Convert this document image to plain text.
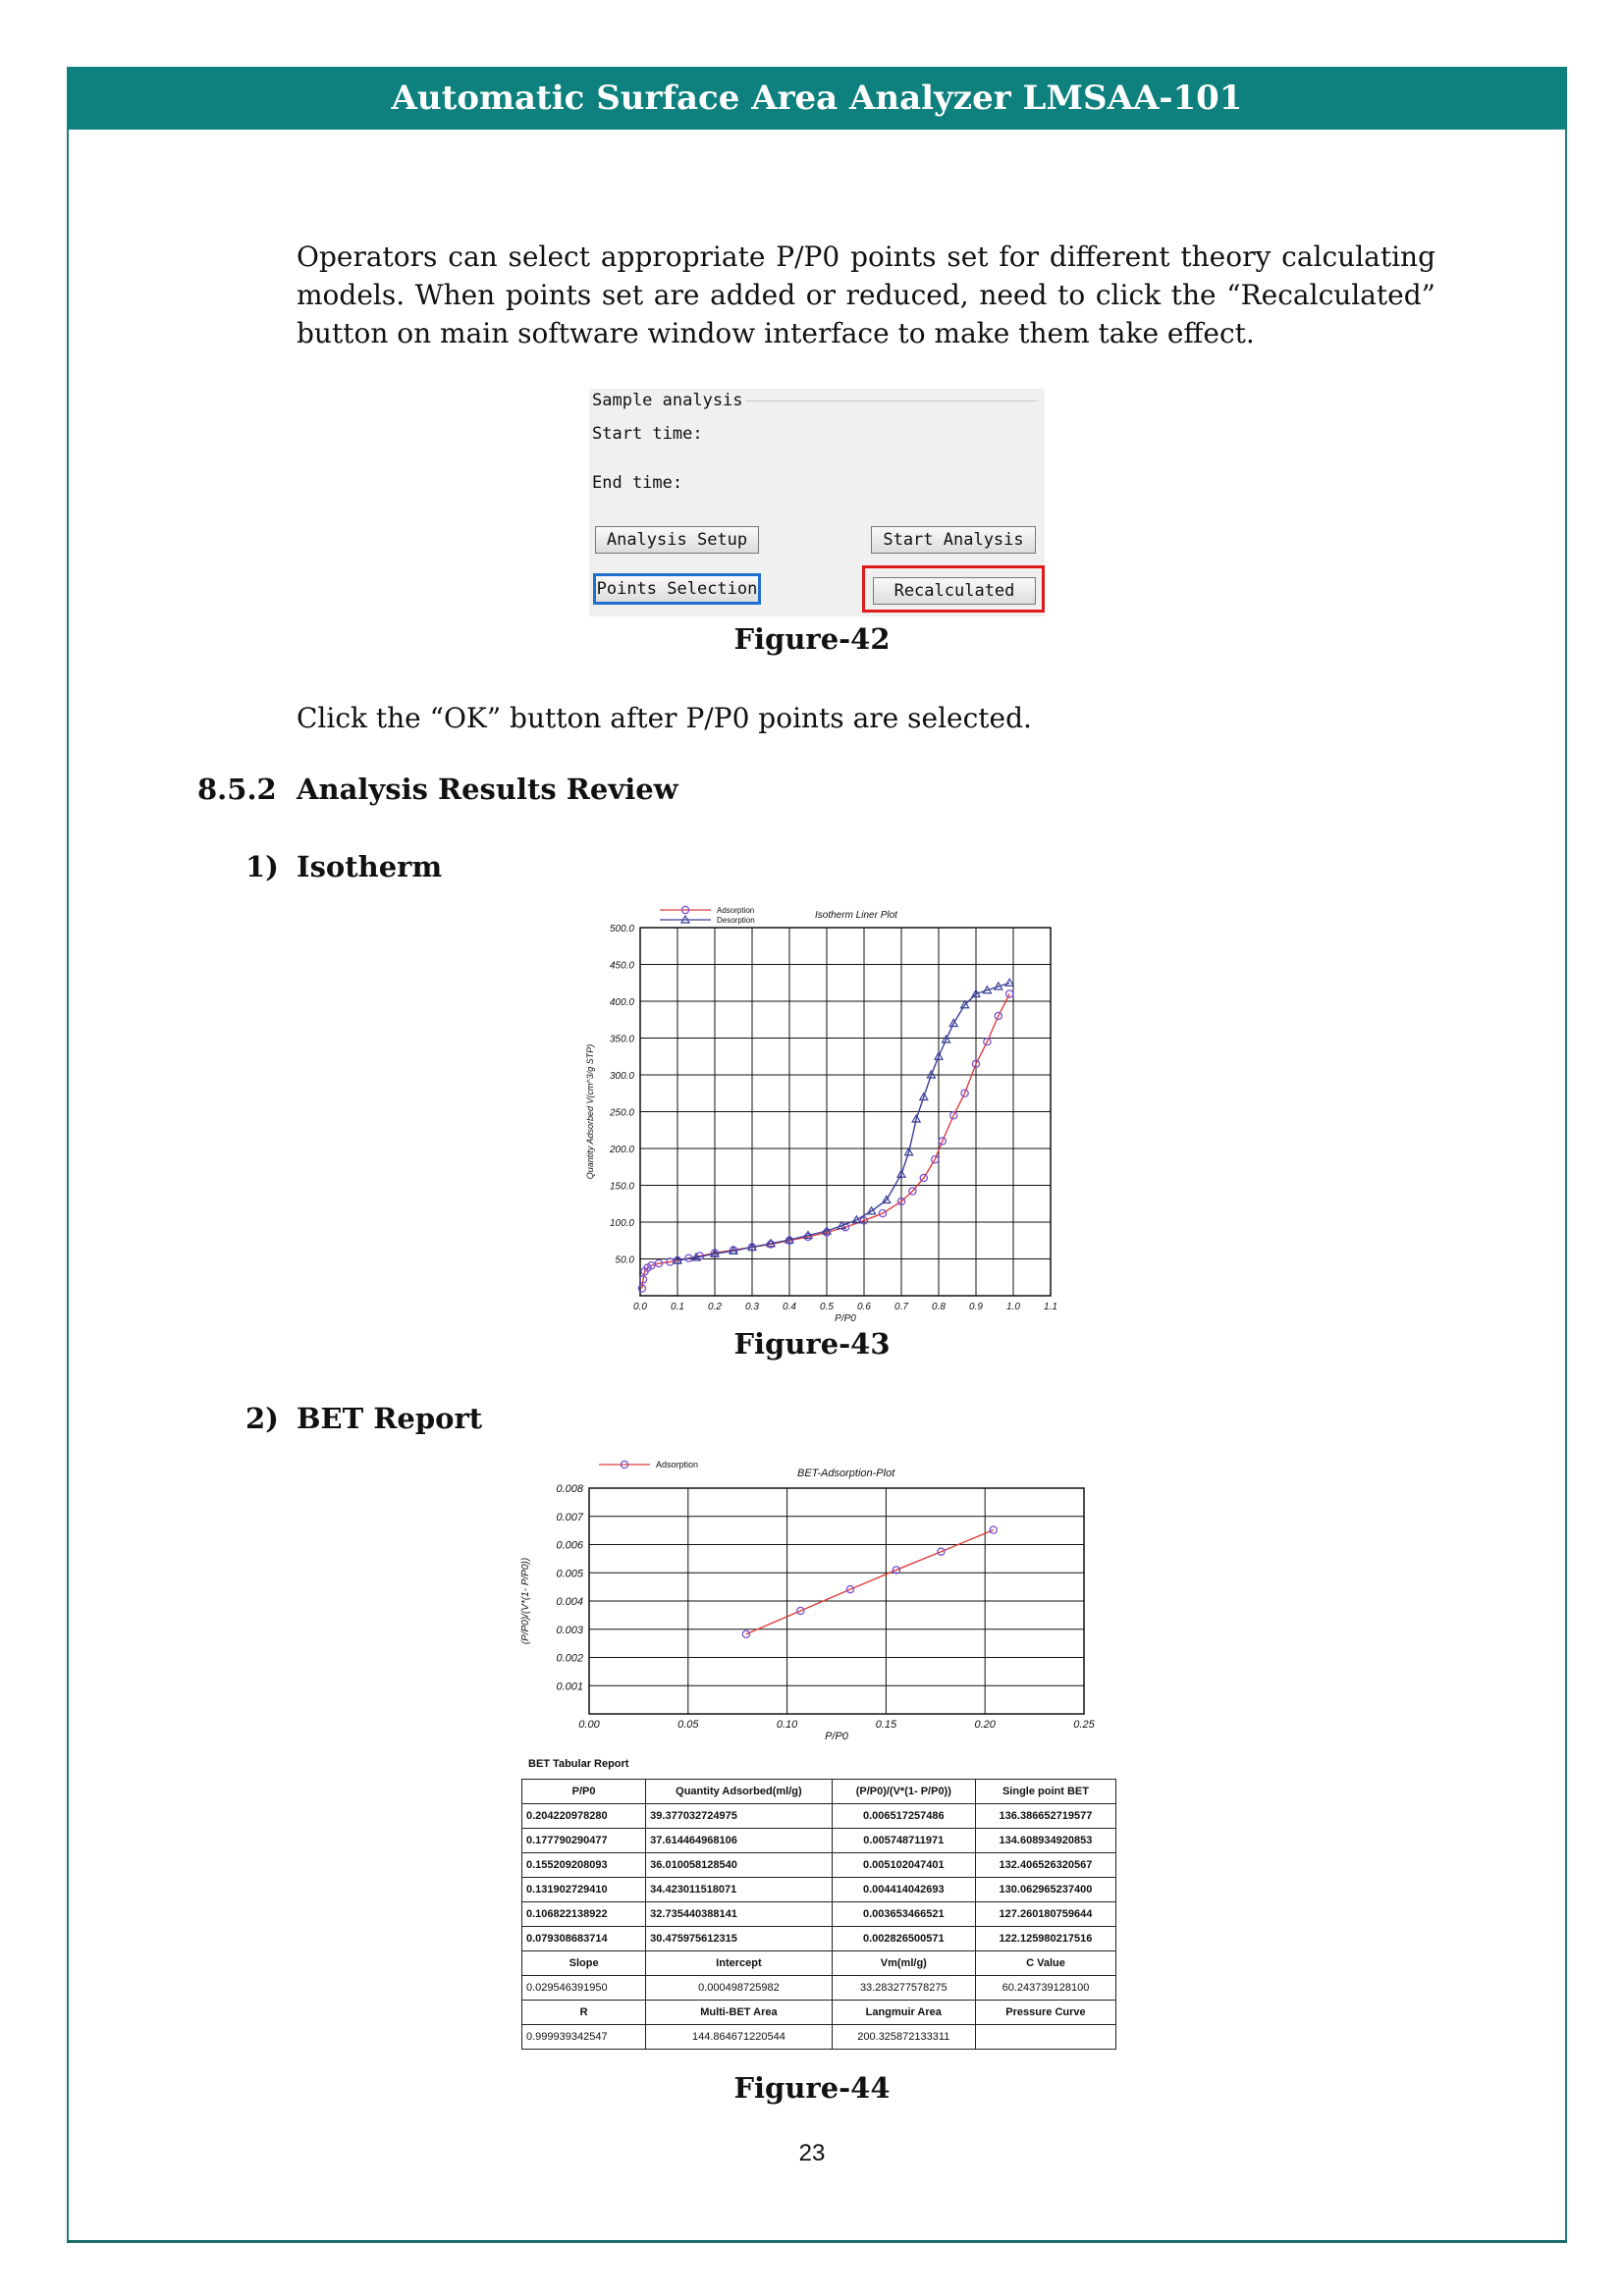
Automatic Surface Area Analyzer LMSAA-101
Operators can select appropriate P/P0 points set for different theory calculating models. When points set are added or reduced, need to click the “Recalculated” button on main software window interface to make them take effect.
Sample analysis
Start time:
End time:
Analysis Setup	Start Analysis
Points Selection	Recalculated
Figure-42
Click the “OK” button after P/P0 points are selected.
8.5.2 Analysis Results Review
1) Isotherm
0.0 0.1 0.2 0.3 0.4 0.5 0.6 0.7 0.8 0.9 1.0 1.1
50.0
100.0
150.0
200.0
250.0
300.0
350.0
400.0
450.0
500.0
P/P0
Quantity Adsorbed V(cm^3/g STP)
Isotherm Liner Plot
Adsorption
Desorption
Figure-43
2) BET Report
0.00	0.05	0.10	0.15	0.20	0.25
0.001
0.002
0.003
0.004
0.005
0.006
0.007
0.008
P/P0
(P/P0)/(V*(1- P/P0))
BET-Adsorption-Plot
Adsorption
BET Tabular Report
P/P0	Quantity Adsorbed(ml/g)	(P/P0)/(V*(1- P/P0))	Single point BET
0.204220978280	39.377032724975	0.006517257486	136.386652719577
0.177790290477	37.614464968106	0.005748711971	134.608934920853
0.155209208093	36.010058128540	0.005102047401	132.406526320567
0.131902729410	34.423011518071	0.004414042693	130.062965237400
0.106822138922	32.735440388141	0.003653466521	127.260180759644
0.079308683714	30.475975612315	0.002826500571	122.125980217516
Slope	Intercept	Vm(ml/g)	C Value
0.029546391950	0.000498725982	33.283277578275	60.243739128100
R	Multi-BET Area	Langmuir Area	Pressure Curve
0.999939342547	144.864671220544	200.325872133311	
Figure-44
23
